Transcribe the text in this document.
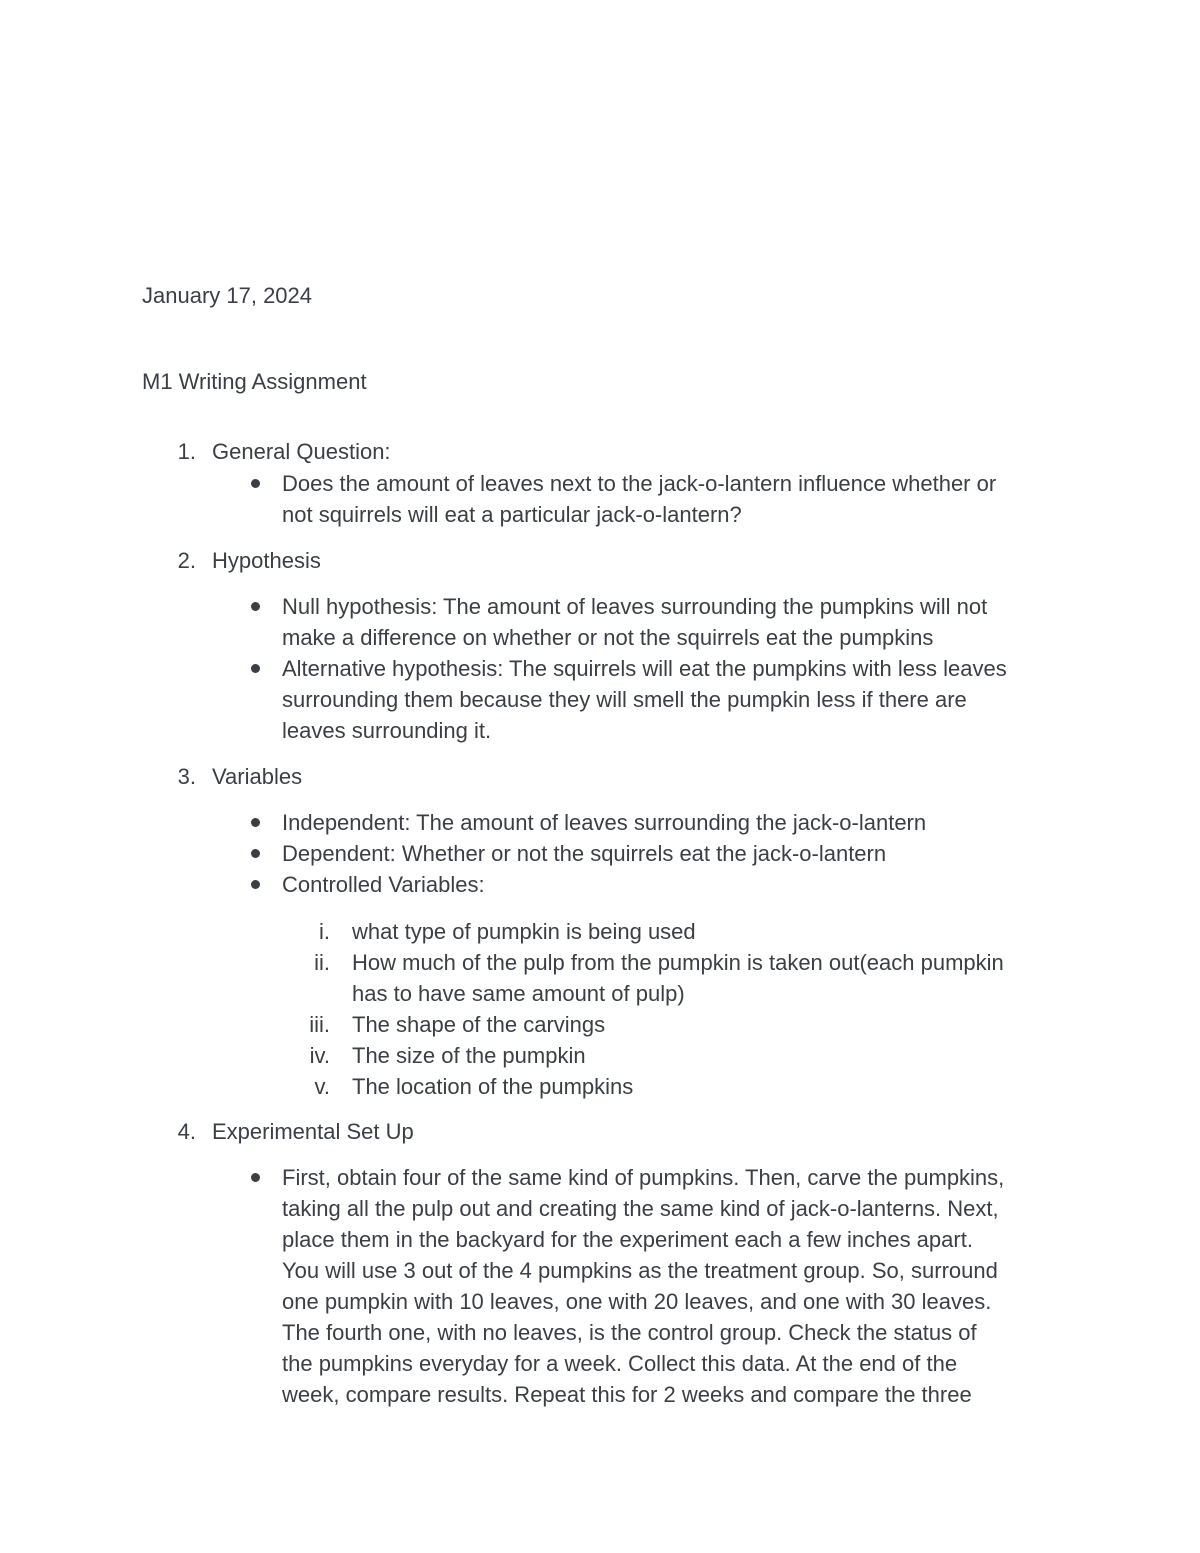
January 17, 2024
M1 Writing Assignment
1. General Question:
Does the amount of leaves next to the jack-o-lantern influence whether or
not squirrels will eat a particular jack-o-lantern?
2. Hypothesis
Null hypothesis: The amount of leaves surrounding the pumpkins will not
make a difference on whether or not the squirrels eat the pumpkins
Alternative hypothesis: The squirrels will eat the pumpkins with less leaves
surrounding them because they will smell the pumpkin less if there are
leaves surrounding it.
3. Variables
Independent: The amount of leaves surrounding the jack-o-lantern
Dependent: Whether or not the squirrels eat the jack-o-lantern
Controlled Variables:
i. what type of pumpkin is being used
ii. How much of the pulp from the pumpkin is taken out(each pumpkin
has to have same amount of pulp)
iii. The shape of the carvings
iv. The size of the pumpkin
v. The location of the pumpkins
4. Experimental Set Up
First, obtain four of the same kind of pumpkins. Then, carve the pumpkins,
taking all the pulp out and creating the same kind of jack-o-lanterns. Next,
place them in the backyard for the experiment each a few inches apart.
You will use 3 out of the 4 pumpkins as the treatment group. So, surround
one pumpkin with 10 leaves, one with 20 leaves, and one with 30 leaves.
The fourth one, with no leaves, is the control group. Check the status of
the pumpkins everyday for a week. Collect this data. At the end of the
week, compare results. Repeat this for 2 weeks and compare the three
